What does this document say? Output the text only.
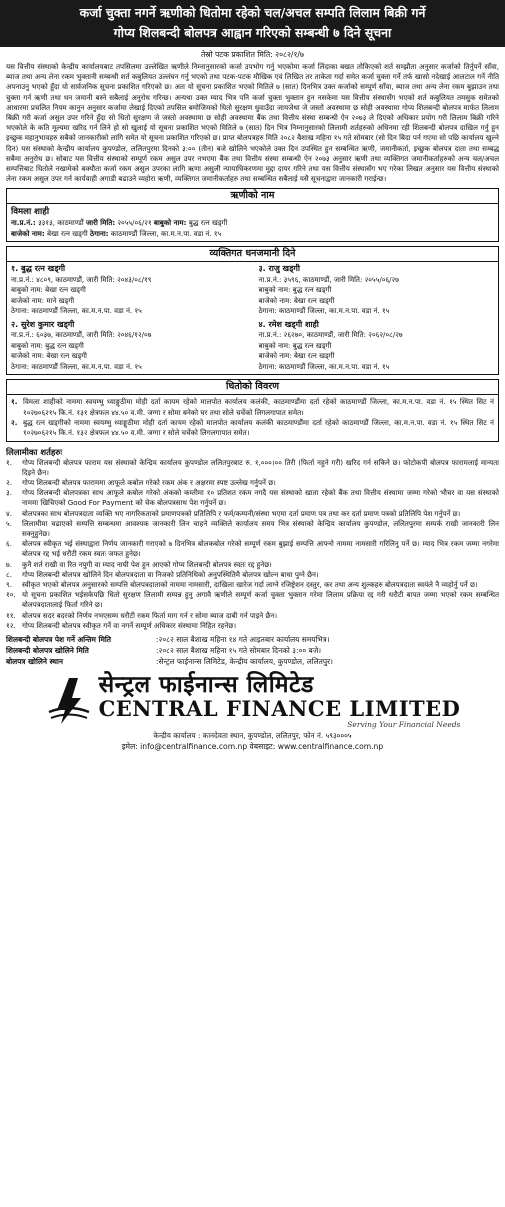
कर्जा चुक्ता नगर्ने ऋणीको धितोमा रहेको चल/अचल सम्पति लिलाम बिक्री गर्ने
गोप्य शिलबन्दी बोलपत्र आह्वान गरिएको सम्बन्धी ७ दिने सूचना
तेस्रो पटक प्रकाशित मिति: २०८२/१/७

यस वित्तीय संस्थाको केन्द्रीय कार्यालयबाट तपसिलमा उल्लेखित ऋणीले निम्नानुसारको कर्जा उपभोग गर्नु भएकोमा कर्जा लिंदाका बखत तोकिएको शर्त सम्झौता अनुसार कर्जाको तिर्नुपर्ने साँवा, ब्याज तथा अन्य लेना रकम भुक्तानी सम्बन्धी शर्त कबुलियत उल्लंघन गर्नु भएको तथा पटक-पटक मौखिक एवं लिखित तर ताकेता गर्दा समेत कर्जा चुक्ता गर्ने तर्फ खासो नदेखाई आलटाल गर्ने नीति अपनाउनु भएको हुँदा यो सार्वजनिक सूचना प्रकाशित गरिएको छ। अतः यो सूचना प्रकाशित भएको मितिले ७ (सात) दिनभित्र उक्त कर्जाको सम्पूर्ण साँवा, ब्याज तथा अन्य लेना रकम बुझाउन तथा चुक्ता गर्न ऋणी तथा धन जमानी बस्ने सबैलाई अनुरोध गरिन्छ। अन्यथा उक्त म्याद भित्र पनि कर्जा चुक्ता भुक्तान हुन नसकेमा यस वित्तीय संस्थासँग भएको शर्त कबुलियत तमसुक समेतको आधारमा प्रचलित नियम कानुन अनुसार कर्जामा लेखाई दिएको तपसिल बमोजिमको धितो सुरक्षण धुवाउँदा जायजेथा जे जस्तो अवस्थामा छ सोही अवस्थामा गोप्य शिलबन्दी बोलपत्र मार्फत लिलाम बिक्री गरी कर्जा असुल उपर गरिने हुँदा सो धितो सुरक्षण जे जस्तो अवस्थामा छ सोही अवस्थामा बैंक तथा वित्तीय संस्था सम्बन्धी ऐन २०७३ ले दिएको अधिकार प्रयोग गरी लिलाम बिक्री गरिने भएकोले के कति मूल्यमा खरिद गर्न लिने हो सो खुलाई यो सूचना प्रकाशित भएको मितिले ७ (सात) दिन भित्र निम्नानुसारको लिलामी शर्तहरुको अधिनमा रही शिलबन्दी बोलपत्र दाखिल गर्नु हुन इच्छुक महानुभावहरु सबैको जानकारीको लागि समेत यो सूचना प्रकाशित गरिएको छ। प्राप्त बोलपत्रहरु मिति २०८२ बैशाख महिना १५ गते सोमबार (सो दिन बिदा पर्न गएमा सो पछि कार्यालय खुल्ने दिन) यस संस्थाको केन्द्रीय कार्यालय कुपण्डोल, ललितपुरमा दिनको ३:०० (तीन) बजे खोलिने भएकोले उक्त दिन उपस्थित हुन सम्बन्धित ऋणी, जमानीकर्ता, इच्छुक बोलपत्र दाता तथा सम्बद्ध सबैमा अनुरोध छ। सोबाट यस वित्तीय संस्थाको सम्पूर्ण रकम असुल उपर नभएमा बैंक तथा वित्तीय संस्था सम्बन्धी ऐन २०७३ अनुसार ऋणी तथा व्यक्तिगत जमानीकर्ताहरुको अन्य चल/अचल सम्पत्तिबाट धितोले नखामेको बक्यौता कर्जा रकम असुल उपरका लागि ऋणा असुली न्यायाधिकरणमा मुद्दा दायर गरिने तथा यस वित्तीय संस्थासँग भए गरेका लिखत अनुसार यस वित्तीय संस्थाको लेना रकम असुल उपर गर्न कार्यवाही अगाडी बढाउने व्यहोरा ऋणी, व्यक्तिगत जमानीकर्ताहरु तथा सम्बन्धित सबैलाई यसै सूचनाद्वारा जानकारी गराईन्छ।

ऋणीको नाम
विमला शाही
ना.प्र.नं.: ३३१३, काठमाण्डौं जारी मिति: २०५५/०६/२१ बाबुको नाम: बुद्ध रत्न खड्गी
बाजेको नाम: बेखा रत्न खड्गी ठेगाना: काठमाण्डौं जिल्ला, का.म.न.पा. वडा नं. १५
व्यक्तिगत धनजमानी दिने
१. बुद्ध रत्न खड्गी
ना.प्र.नं.: ४८०९, काठमाण्डौं, जारी मिति: २०४३/०८/१९
बाबुको नाम: बेखा रत्न खड्गी
बाजेको नाम: माने खड्गी
ठेगाना: काठमाण्डौं जिल्ला, का.म.न.पा. वडा नं. १५
३. राजु खड्गी
ना.प्र.नं.: ३५९६, काठमाण्डौं, जारी मिति: २०५५/०६/२७
बाबुको नाम: बुद्ध रत्न खड्गी
बाजेको नाम: बेखा रत्न खड्गी
ठेगाना: काठमाण्डौं जिल्ला, का.म.न.पा. वडा नं. १५
२. सुरेश कुमार खड्गी
ना.प्र.नं.: ६०३७, काठमाण्डौं, जारी मिति: २०४६/१२/०७
बाबुको नाम: बुद्ध रत्न खड्गी
बाजेको नाम: बेखा रत्न खड्गी
ठेगाना: काठमाण्डौं जिल्ला, का.म.न.पा. वडा नं. १५
४. रमेश खड्गी शाही
ना.प्र.नं.: २६२७०, काठमाण्डौं, जारी मिति: २०६२/०८/२७
बाबुको नाम: बुद्ध रत्न खड्गी
बाजेको नाम: बेखा रत्न खड्गी
ठेगाना: काठमाण्डौं जिल्ला, का.म.न.पा. वडा नं. १५
धितोको विवरण
१. विमला शाहीको नाममा स्वयम्भु ध्याङ्गुठीमा मोही दर्ता कायम रहेको मालपोत कार्यालय कलंकी, काठमाण्डौंमा दर्ता रहेको काठमाण्डौं जिल्ला, का.म.न.पा. वडा नं. १५ स्थित सिट नं १०२७०६२१५ कि.नं. १३१ क्षेत्रफल ४४.५० व.मी. जग्गा र सोमा बनेको घर तथा सोले चर्चेको लिगलगापात समेत।
२. बुद्ध रत्न खड्गीको नाममा स्वयम्भु ध्याङ्गुठीमा मोही दर्ता कायम रहेको मालपोत कार्यालय कलंकी काठमाण्डौंमा दर्ता रहेको काठमाण्डौं जिल्ला, का.म.न.पा. वडा नं. १५ स्थित सिट नं १०२७०६२१५ कि.नं. १३२ क्षेत्रफल ४४.५० व.मी. जग्गा र सोले चर्चेको लिगलगापात समेत।
लिलामीका शर्तहरुः
१.	गोप्य शिलबन्दी बोलपत्र फाराम यस संस्थाको केन्द्रिय कार्यालय कुपण्डोल ललितपुरबाट रु. १,०००।०० तिरी (फिर्ता नहुने गरी) खरिद गर्न सकिने छ। फोटोकपी बोलपत्र फारामलाई मान्यता दिइने छैन।
२.	गोप्य शिलबन्दी बोलपत्र फाराममा आफूले कबोल गरेको रकम अंक र अक्षरमा स्पष्ट उल्लेख गर्नुपर्ने छ।
३.	गोप्य शिलबन्दी बोलपत्रका साथ आफूले कबोल गरेको अंकको कम्तीमा १० प्रतिशत रकम नगदै यस संस्थाको खाता रहेको बैंक तथा वित्तीय संस्थामा जम्मा गरेको भौचर वा यस संस्थाको नाममा खिचिएको Good For Payment को चेक बोलपत्रसाथ पेश गर्नुपर्ने छ।
४.	बोलपत्रका साथ बोलपत्रदाता व्यक्ति भए नागरिकताको प्रमाणपत्रको प्रतिलिपि र फर्म/कम्पनी/संस्था भएमा दर्ता प्रमाण पत्र तथा कर दर्ता प्रमाण पत्रको प्रतिलिपि पेश गर्नुपर्ने छ।
५.	लिलामीमा चढाएको सम्पत्ति सम्बन्धमा आवश्यक जानकारी लिन चाहने व्यक्तिले कार्यालय समय भित्र संस्थाको केन्द्रिय कार्यालय कुपण्डोल, ललितपुरमा सम्पर्क राखी जानकारी लिन सक्नुहुनेछ।
६.	बोलपत्र स्वीकृत भई संस्थाद्वारा निर्णय जानकारी गराएको ७ दिनभित्र बोलकबोल गरेको सम्पूर्ण रकम बुझाई सम्पत्ति आफ्नो नाममा नामसारी गरिलिनु पर्ने छ। म्याद भित्र रकम जम्मा नगरेमा बोलपत्र रद्द भई धरौटी रकम स्वतः जफत हुनेछ।
७.	कुनै शर्त राखी वा रित नपुगी वा म्याद नाघी पेश हुन आएको गोप्य शिलबन्दी बोलपत्र स्वतः रद्द हुनेछ।
८.	गोप्य शिलबन्दी बोलपत्र खोलिने दिन बोलपत्रदाता वा निजको प्रतिनिधिको अनुपस्थितिमै बोलपत्र खोल्न बाधा पुग्ने छैन।
९.	स्वीकृत भएको बोलपत्र अनुसारको सम्पत्ति बोलपत्रदाताको नाममा नामसारी, दाखिला खारेज गर्दा लाग्ने रजिष्ट्रेशन दस्तुर, कर तथा अन्य शुल्कहरु बोलपत्रदाता स्वयंले नै व्यहोर्नु पर्ने छ।
१०. यो सूचना प्रकाशित भईसकेपछि धितो सुरक्षण लिलामी सम्पन्न हुनु अगावै ऋणीले सम्पूर्ण कर्जा चुक्ता भुक्तान गरेमा लिलाम प्रक्रिया रद्द गरी धरौटी बापत जम्मा भएको रकम सम्बन्धित बोलपत्रदातालाई फिर्ता गरिने छ।
११. बोलपत्र सदर बदरको निर्णय नभएसम्म धरौटी रकम फिर्ता माग गर्न र सोमा ब्याज दाबी गर्न पाइने छैन।
१२. गोप्य शिलबन्दी बोलपत्र स्वीकृत गर्ने वा नगर्ने सम्पूर्ण अधिकार संस्थामा निहित रहनेछ।
शिलबन्दी बोलपत्र पेश गर्ने अन्तिम मिति	:२०८२ साल बैशाख महिना १४ गते आइतबार कार्यालय समयभित्र।
शिलबन्दी बोलपत्र खोलिने मिति	:२०८२ साल बैशाख महिना १५ गते सोमबार दिनको ३:०० बजे।
बोलपत्र खोलिने स्थान	:सेन्ट्रल फाईनान्स लिमिटेड, केन्द्रीय कार्यालय, कुपण्डोल, ललितपुर।
सेन्ट्रल फाईनान्स लिमिटेड
CENTRAL FINANCE LIMITED
Serving Your Financial Needs
केन्द्रीय कार्यालय : कानदेवता स्थान, कुपण्डोल, ललितपुर, फोन नं. ५९३०००५
इमेल: info@centralfinance.com.np वेबसाइट: www.centralfinance.com.np
